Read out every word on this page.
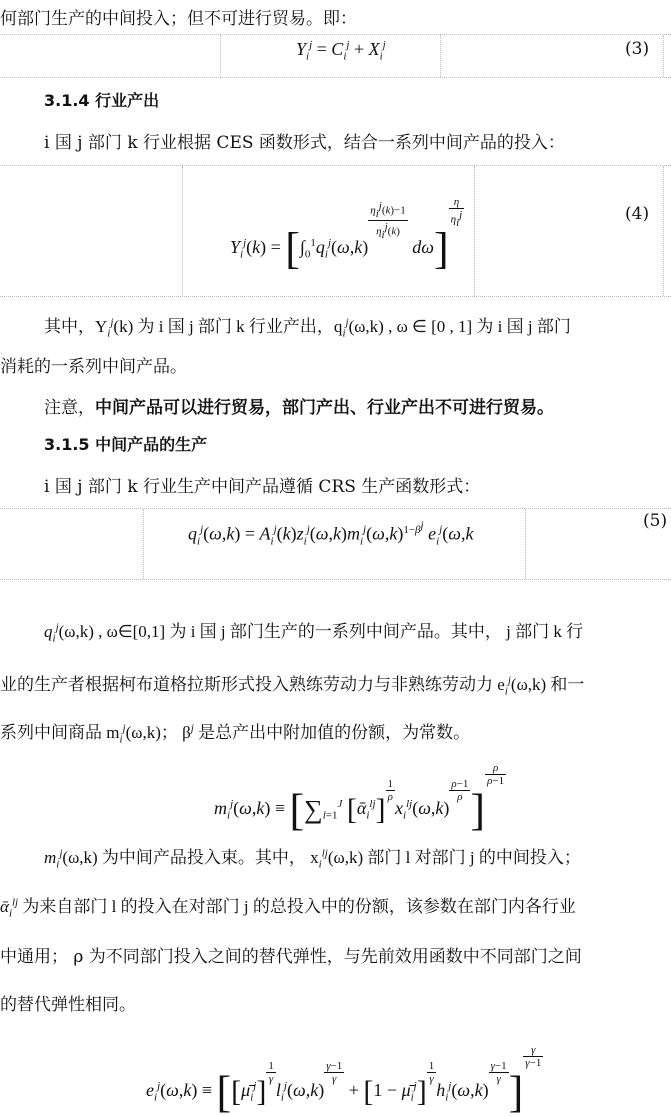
何部门生产的中间投入；但不可进行贸易。即：
$Y_i^j = C_i^j + X_i^j$	(3)
3.1.4 行业产出
i 国 j 部门 k 行业根据 CES 函数形式，结合一系列中间产品的投入：
$Y_i^j(k) = [\int_0^1q_i^j(\omega,k)$
$\frac{\eta_i^j(k)-1}{\eta_i^j(k)}$
dω]
$\frac{\eta}{\eta_i^j}$	(4)
其中，$Y_i^j(k)$ 为 i 国 j 部门 k 行业产出，$q_i^j(\omega,k)$ , ω ∈ [0 , 1] 为 i 国 j 部门
消耗的一系列中间产品。
注意，中间产品可以进行贸易，部门产出、行业产出不可进行贸易。
3.1.5 中间产品的生产
i 国 j 部门 k 行业生产中间产品遵循 CRS 生产函数形式：
$q_i^j(\omega,k) = A_i^j(k)z_i^j(\omega,k)m_i^j(\omega,k)^{1-\beta^j}$ $e_i^j(\omega,k$
(5)
$q_i^j(\omega,k)$ , ω∈[0,1] 为 i 国 j 部门生产的一系列中间产品。其中， j 部门 k 行
业的生产者根据柯布道格拉斯形式投入熟练劳动力与非熟练劳动力 $e_i^j(\omega,k)$ 和一
系列中间商品 $m_i^j(\omega,k)$； $\beta^j$ 是总产出中附加值的份额，为常数。
$m_i^j(\omega,k) \equiv [\sum_{l=1}^J$ [ᾱ$_i^{lj}$]
$\frac{1}{\rho}$
$x_i^{lj}(\omega,k)$
$\frac{\rho-1}{\rho}$ ]
$\frac{\rho}{\rho-1}$
$m_i^j(\omega,k)$ 为中间产品投入束。其中， $x_i^{lj}(\omega,k)$ 部门 l 对部门 j 的中间投入；
ᾱ$_i^{lj}$ 为来自部门 l 的投入在对部门 j 的总投入中的份额，该参数在部门内各行业
中通用； ρ 为不同部门投入之间的替代弹性，与先前效用函数中不同部门之间
的替代弹性相同。
$e_i^j(\omega,k)$ ≡ [$[\mū_i^j]$
$\frac{1}{\gamma}$
$l_i^j(\omega,k)$
$\frac{\gamma-1}{\gamma}$
+ $[1 - \mū_i^j]$
$\frac{1}{\gamma}$
$h_i^j(\omega,k)$
$\frac{\gamma-1}{\gamma}$ ]
$\frac{\gamma}{\gamma-1}$
